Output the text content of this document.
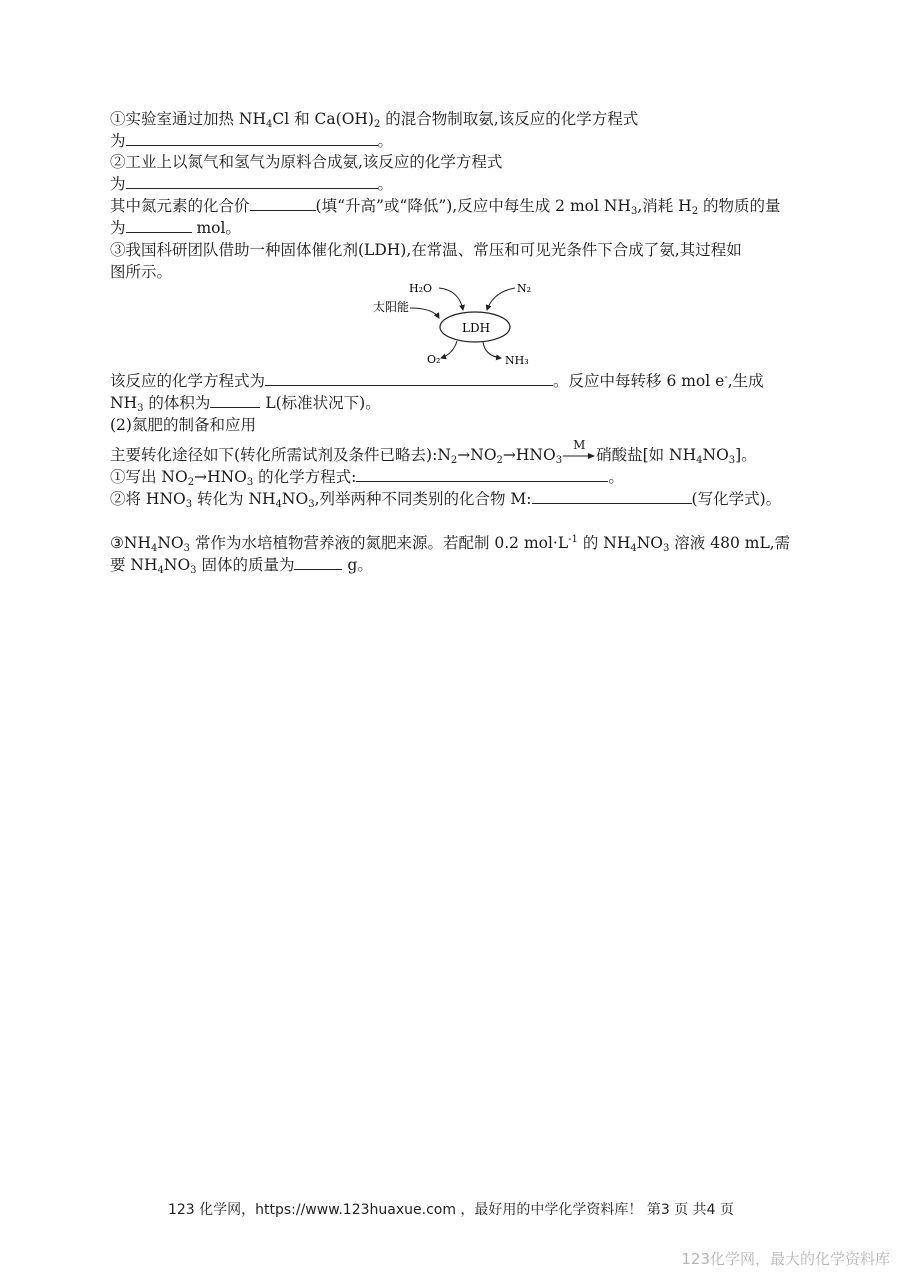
①实验室通过加热 $NH_4Cl$ 和 $Ca(OH)_2$ 的混合物制取氨,该反应的化学方程式
为	。
②工业上以氮气和氢气为原料合成氨,该反应的化学方程式
为	。
其中氮元素的化合价	(填“升高”或“降低”),反应中每生成 2 mol $NH_3$,消耗 $H_2$ 的物质的量
为	mol。
③我国科研团队借助一种固体催化剂(LDH),在常温、常压和可见光条件下合成了氨,其过程如
图所示。
H₂O	N₂
太阳能
LDH
O₂	NH₃
该反应的化学方程式为	。反应中每转移 6 mol e-,生成
$NH_3$ 的体积为	L(标准状况下)。
(2)氮肥的制备和应用
主要转化途径如下(转化所需试剂及条件已略去)$:N_2\to NO_2\to HNO_3$
M
硝酸盐[如 $NH_4NO_3$]。
①写出 $NO_2\to HNO_3$ 的化学方程式:	。
②将 $HNO_3$ 转化为 $NH_4NO_3$,列举两种不同类别的化合物 M:	(写化学式)。
$③NH_4NO_3$ 常作为水培植物营养液的氮肥来源。若配制 0.2 $mol\cdot L^{-1}$ 的 $NH_4NO_3$ 溶液 480 mL,需
要 $NH_4NO_3$ 固体的质量为	g。
123 化学网，https://www.123huaxue.com ，最好用的中学化学资料库！ 第3 页 共4 页
123化学网，最大的化学资料库
